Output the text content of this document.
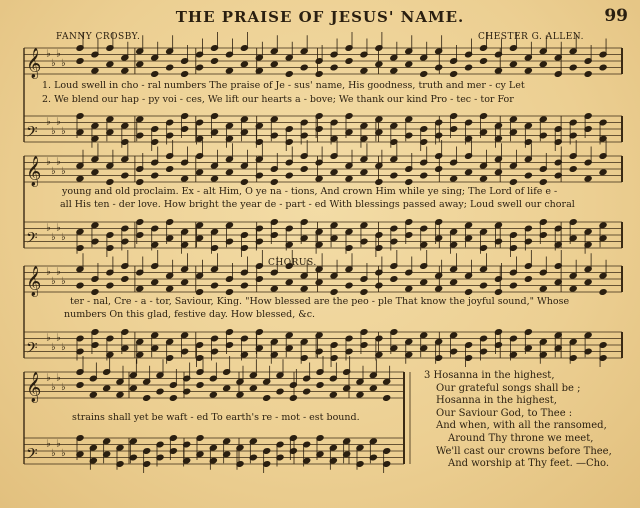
THE PRAISE OF JESUS' NAME.	99
FANNY CROSBY.	CHESTER G. ALLEN.
𝄞 ♭
♭
♭
♭
𝄢
♭
♭
♭
♭
𝄞 ♭
♭
♭
♭
𝄢
♭
♭
♭
♭
𝄞 ♭
♭
♭
♭
𝄢
♭
♭
♭
♭
𝄞 ♭
♭
♭
♭
𝄢
♭
♭
♭
♭
CHORUS.
1. Loud swell in cho - ral numbers The praise of Je - sus' name, His goodness, truth and mer - cy Let
2. We blend our hap - py voi - ces, We lift our hearts a - bove; We thank our kind Pro - tec - tor For
young and old proclaim. Ex - alt Him, O ye na - tions, And crown Him while ye sing; The Lord of life e -
all His ten - der love. How bright the year de - part - ed With blessings passed away; Loud swell our choral
ter - nal, Cre - a - tor, Saviour, King. "How blessed are the peo - ple That know the joyful sound," Whose
numbers On this glad, festive day. How blessed, &c.
strains shall yet be waft - ed To earth's re - mot - est bound.
3 Hosanna in the highest,
Our grateful songs shall be ;
Hosanna in the highest,
Our Saviour God, to Thee :
And when, with all the ransomed,
Around Thy throne we meet,
We'll cast our crowns before Thee,
And worship at Thy feet. —Cho.
